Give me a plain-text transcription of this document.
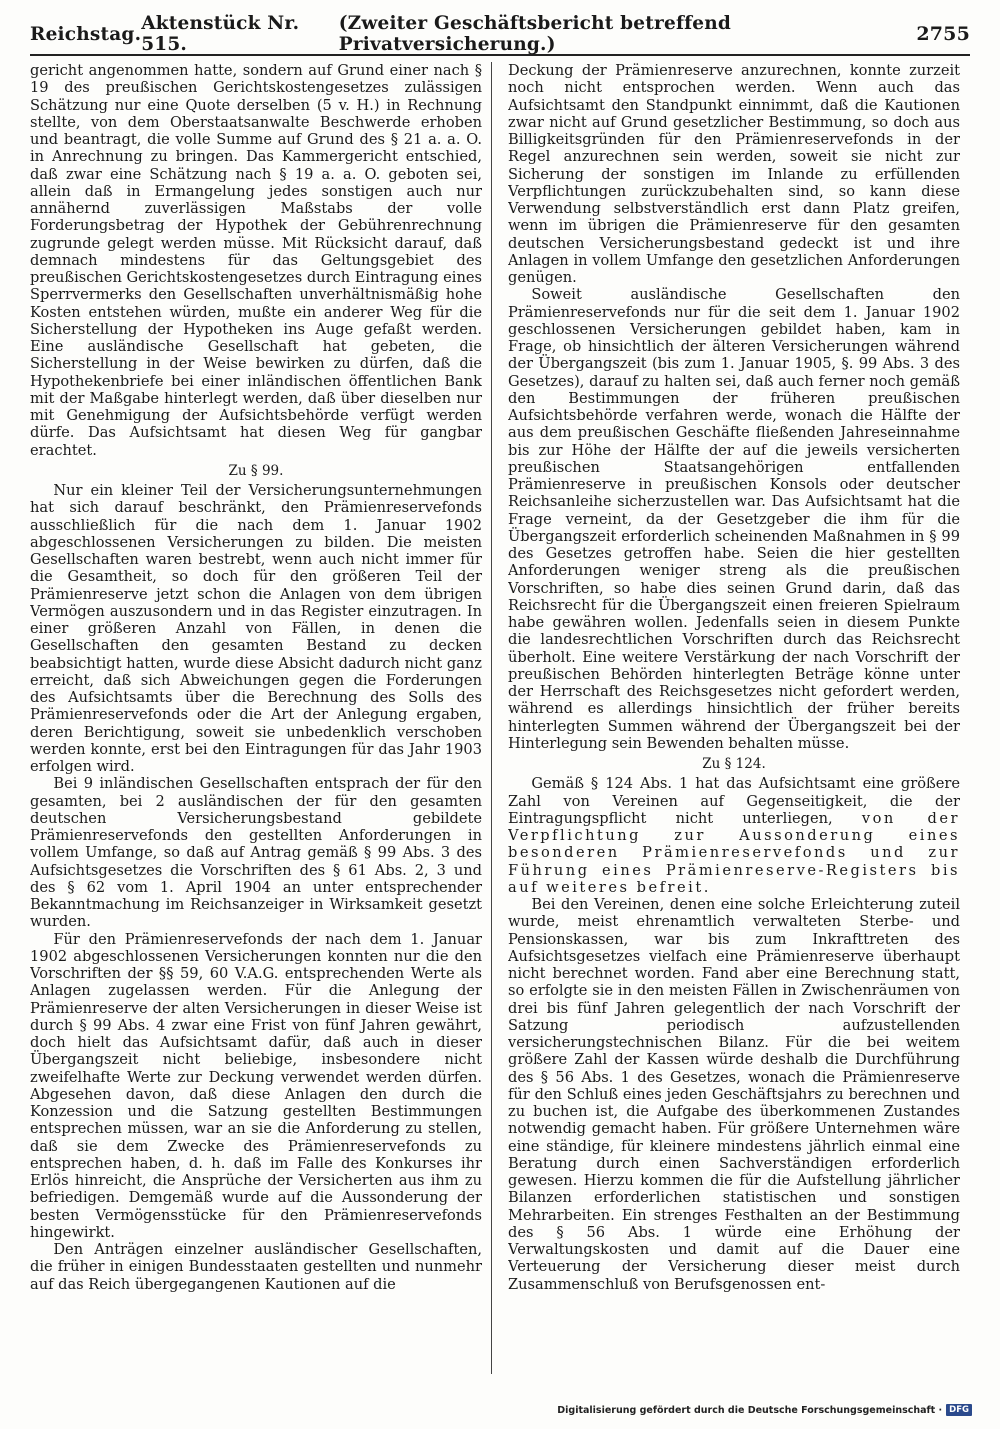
Reichstag. Aktenstück Nr. 515.
(Zweiter Geschäftsbericht betreffend Privatversicherung.)	2755

gericht angenommen hatte, sondern auf Grund einer nach § 19 des preußischen Gerichtskostengesetzes zulässigen Schätzung nur eine Quote derselben (5 v. H.) in Rechnung stellte, von dem Oberstaatsanwalte Beschwerde erhoben und beantragt, die volle Summe auf Grund des § 21 a. a. O. in Anrechnung zu bringen. Das Kammergericht entschied, daß zwar eine Schätzung nach § 19 a. a. O. geboten sei, allein daß in Ermangelung jedes sonstigen auch nur annähernd zuverlässigen Maßstabs der volle Forderungsbetrag der Hypothek der Gebührenrechnung zugrunde gelegt werden müsse. Mit Rücksicht darauf, daß demnach mindestens für das Geltungsgebiet des preußischen Gerichtskostengesetzes durch Eintragung eines Sperrvermerks den Gesellschaften unverhältnismäßig hohe Kosten entstehen würden, mußte ein anderer Weg für die Sicherstellung der Hypotheken ins Auge gefaßt werden. Eine ausländische Gesellschaft hat gebeten, die Sicherstellung in der Weise bewirken zu dürfen, daß die Hypothekenbriefe bei einer inländischen öffentlichen Bank mit der Maßgabe hinterlegt werden, daß über dieselben nur mit Genehmigung der Aufsichtsbehörde verfügt werden dürfe. Das Aufsichtsamt hat diesen Weg für gangbar erachtet.

Zu § 99.

Nur ein kleiner Teil der Versicherungsunternehmungen hat sich darauf beschränkt, den Prämienreservefonds ausschließlich für die nach dem 1. Januar 1902 abgeschlossenen Versicherungen zu bilden. Die meisten Gesellschaften waren bestrebt, wenn auch nicht immer für die Gesamtheit, so doch für den größeren Teil der Prämienreserve jetzt schon die Anlagen von dem übrigen Vermögen auszusondern und in das Register einzutragen. In einer größeren Anzahl von Fällen, in denen die Gesellschaften den gesamten Bestand zu decken beabsichtigt hatten, wurde diese Absicht dadurch nicht ganz erreicht, daß sich Abweichungen gegen die Forderungen des Aufsichtsamts über die Berechnung des Solls des Prämienreservefonds oder die Art der Anlegung ergaben, deren Berichtigung, soweit sie unbedenklich verschoben werden konnte, erst bei den Eintragungen für das Jahr 1903 erfolgen wird.

Bei 9 inländischen Gesellschaften entsprach der für den gesamten, bei 2 ausländischen der für den gesamten deutschen Versicherungsbestand gebildete Prämienreservefonds den gestellten Anforderungen in vollem Umfange, so daß auf Antrag gemäß § 99 Abs. 3 des Aufsichtsgesetzes die Vorschriften des § 61 Abs. 2, 3 und des § 62 vom 1. April 1904 an unter entsprechender Bekanntmachung im Reichsanzeiger in Wirksamkeit gesetzt wurden.

Für den Prämienreservefonds der nach dem 1. Januar 1902 abgeschlossenen Versicherungen konnten nur die den Vorschriften der §§ 59, 60 V.A.G. entsprechenden Werte als Anlagen zugelassen werden. Für die Anlegung der Prämienreserve der alten Versicherungen in dieser Weise ist durch § 99 Abs. 4 zwar eine Frist von fünf Jahren gewährt, doch hielt das Aufsichtsamt dafür, daß auch in dieser Übergangszeit nicht beliebige, insbesondere nicht zweifelhafte Werte zur Deckung verwendet werden dürfen. Abgesehen davon, daß diese Anlagen den durch die Konzession und die Satzung gestellten Bestimmungen entsprechen müssen, war an sie die Anforderung zu stellen, daß sie dem Zwecke des Prämienreservefonds zu entsprechen haben, d. h. daß im Falle des Konkurses ihr Erlös hinreicht, die Ansprüche der Versicherten aus ihm zu befriedigen. Demgemäß wurde auf die Aussonderung der besten Vermögensstücke für den Prämienreservefonds hingewirkt.

Den Anträgen einzelner ausländischer Gesellschaften, die früher in einigen Bundesstaaten gestellten und nunmehr auf das Reich übergegangenen Kautionen auf die

Deckung der Prämienreserve anzurechnen, konnte zurzeit noch nicht entsprochen werden. Wenn auch das Aufsichtsamt den Standpunkt einnimmt, daß die Kautionen zwar nicht auf Grund gesetzlicher Bestimmung, so doch aus Billigkeitsgründen für den Prämienreservefonds in der Regel anzurechnen sein werden, soweit sie nicht zur Sicherung der sonstigen im Inlande zu erfüllenden Verpflichtungen zurückzubehalten sind, so kann diese Verwendung selbstverständlich erst dann Platz greifen, wenn im übrigen die Prämienreserve für den gesamten deutschen Versicherungsbestand gedeckt ist und ihre Anlagen in vollem Umfange den gesetzlichen Anforderungen genügen.

Soweit ausländische Gesellschaften den Prämienreservefonds nur für die seit dem 1. Januar 1902 geschlossenen Versicherungen gebildet haben, kam in Frage, ob hinsichtlich der älteren Versicherungen während der Übergangszeit (bis zum 1. Januar 1905, §. 99 Abs. 3 des Gesetzes), darauf zu halten sei, daß auch ferner noch gemäß den Bestimmungen der früheren preußischen Aufsichtsbehörde verfahren werde, wonach die Hälfte der aus dem preußischen Geschäfte fließenden Jahreseinnahme bis zur Höhe der Hälfte der auf die jeweils versicherten preußischen Staatsangehörigen entfallenden Prämienreserve in preußischen Konsols oder deutscher Reichsanleihe sicherzustellen war. Das Aufsichtsamt hat die Frage verneint, da der Gesetzgeber die ihm für die Übergangszeit erforderlich scheinenden Maßnahmen in § 99 des Gesetzes getroffen habe. Seien die hier gestellten Anforderungen weniger streng als die preußischen Vorschriften, so habe dies seinen Grund darin, daß das Reichsrecht für die Übergangszeit einen freieren Spielraum habe gewähren wollen. Jedenfalls seien in diesem Punkte die landesrechtlichen Vorschriften durch das Reichsrecht überholt. Eine weitere Verstärkung der nach Vorschrift der preußischen Behörden hinterlegten Beträge könne unter der Herrschaft des Reichsgesetzes nicht gefordert werden, während es allerdings hinsichtlich der früher bereits hinterlegten Summen während der Übergangszeit bei der Hinterlegung sein Bewenden behalten müsse.

Zu § 124.

Gemäß § 124 Abs. 1 hat das Aufsichtsamt eine größere Zahl von Vereinen auf Gegenseitigkeit, die der Eintragungspflicht nicht unterliegen, von der Verpflichtung zur Aussonderung eines besonderen Prämienreservefonds und zur Führung eines Prämienreserve-Registers bis auf weiteres befreit.

Bei den Vereinen, denen eine solche Erleichterung zuteil wurde, meist ehrenamtlich verwalteten Sterbe- und Pensionskassen, war bis zum Inkrafttreten des Aufsichtsgesetzes vielfach eine Prämienreserve überhaupt nicht berechnet worden. Fand aber eine Berechnung statt, so erfolgte sie in den meisten Fällen in Zwischenräumen von drei bis fünf Jahren gelegentlich der nach Vorschrift der Satzung periodisch aufzustellenden versicherungstechnischen Bilanz. Für die bei weitem größere Zahl der Kassen würde deshalb die Durchführung des § 56 Abs. 1 des Gesetzes, wonach die Prämienreserve für den Schluß eines jeden Geschäftsjahrs zu berechnen und zu buchen ist, die Aufgabe des überkommenen Zustandes notwendig gemacht haben. Für größere Unternehmen wäre eine ständige, für kleinere mindestens jährlich einmal eine Beratung durch einen Sachverständigen erforderlich gewesen. Hierzu kommen die für die Aufstellung jährlicher Bilanzen erforderlichen statistischen und sonstigen Mehrarbeiten. Ein strenges Festhalten an der Bestimmung des § 56 Abs. 1 würde eine Erhöhung der Verwaltungskosten und damit auf die Dauer eine Verteuerung der Versicherung dieser meist durch Zusammenschluß von Berufsgenossen ent-

Digitalisierung gefördert durch die Deutsche Forschungsgemeinschaft · DFG
